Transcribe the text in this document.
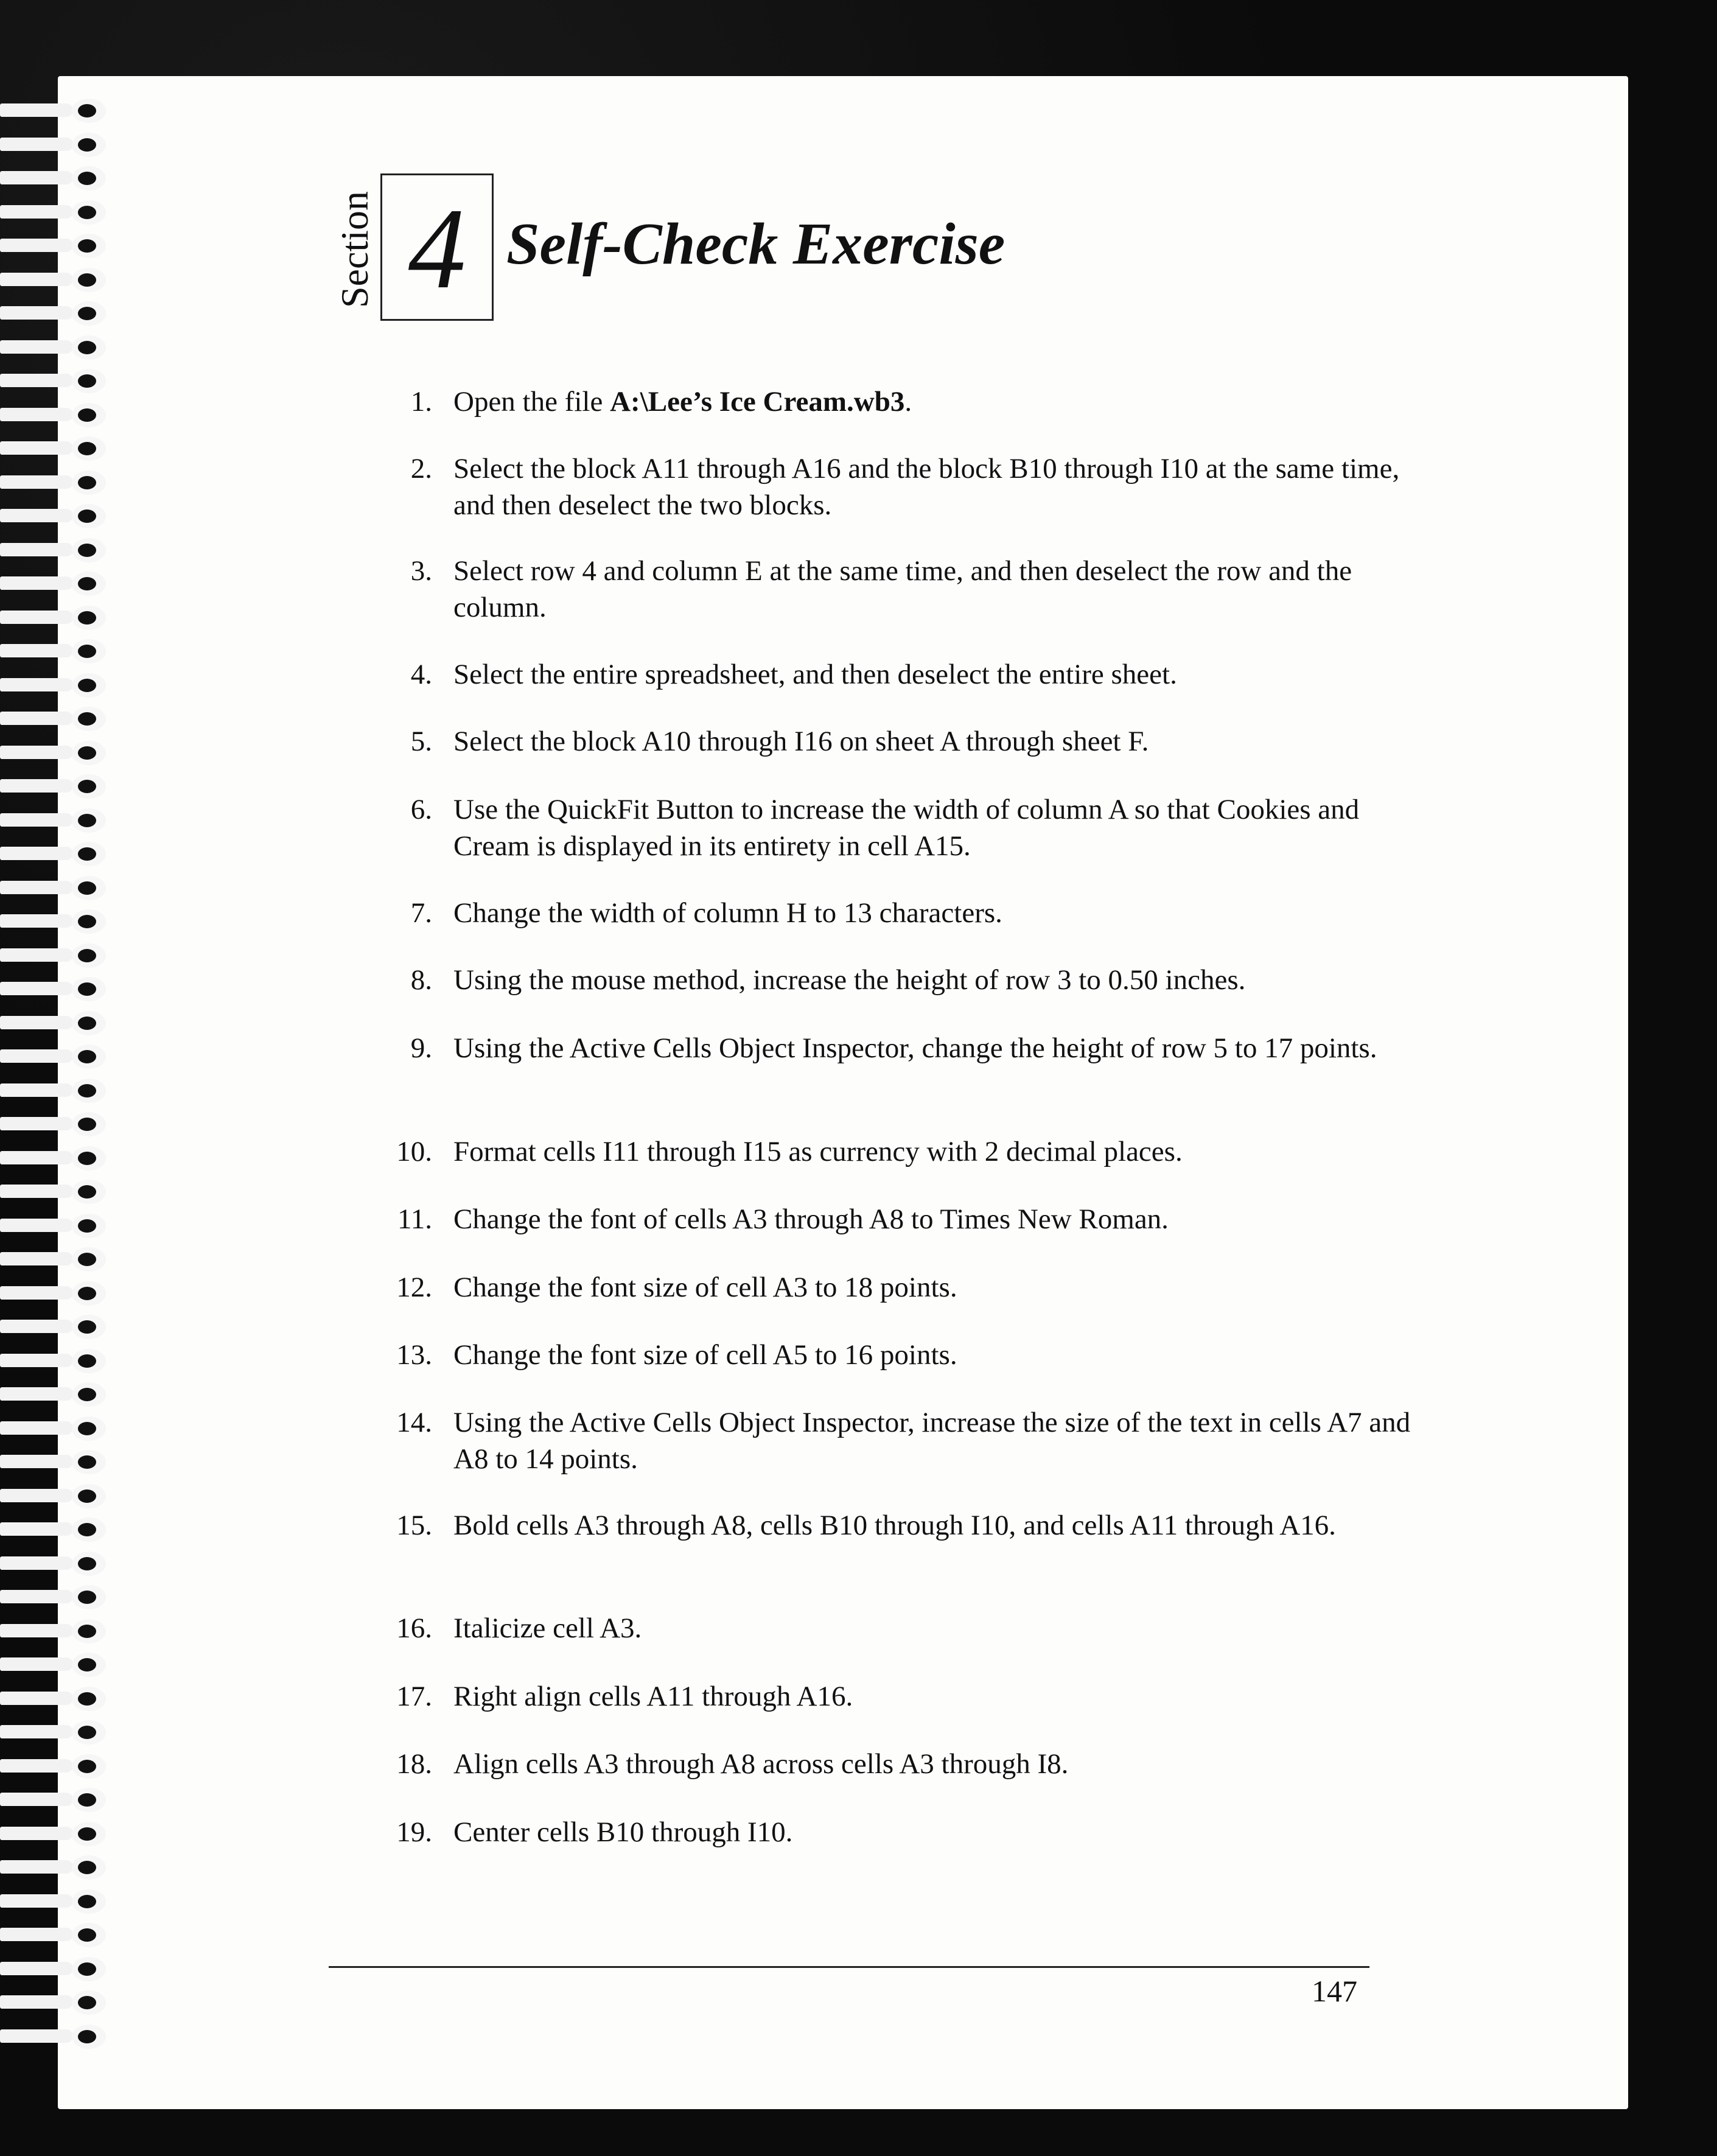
Section 4 Self-Check Exercise
1. Open the file A:\Lee’s Ice Cream.wb3.
2. Select the block A11 through A16 and the block B10 through I10 at the same time, and then deselect the two blocks.
3. Select row 4 and column E at the same time, and then deselect the row and the column.
4. Select the entire spreadsheet, and then deselect the entire sheet.
5. Select the block A10 through I16 on sheet A through sheet F.
6. Use the QuickFit Button to increase the width of column A so that Cookies and Cream is displayed in its entirety in cell A15.
7. Change the width of column H to 13 characters.
8. Using the mouse method, increase the height of row 3 to 0.50 inches.
9. Using the Active Cells Object Inspector, change the height of row 5 to 17 points.
10. Format cells I11 through I15 as currency with 2 decimal places.
11. Change the font of cells A3 through A8 to Times New Roman.
12. Change the font size of cell A3 to 18 points.
13. Change the font size of cell A5 to 16 points.
14. Using the Active Cells Object Inspector, increase the size of the text in cells A7 and A8 to 14 points.
15. Bold cells A3 through A8, cells B10 through I10, and cells A11 through A16.
16. Italicize cell A3.
17. Right align cells A11 through A16.
18. Align cells A3 through A8 across cells A3 through I8.
19. Center cells B10 through I10.
147
